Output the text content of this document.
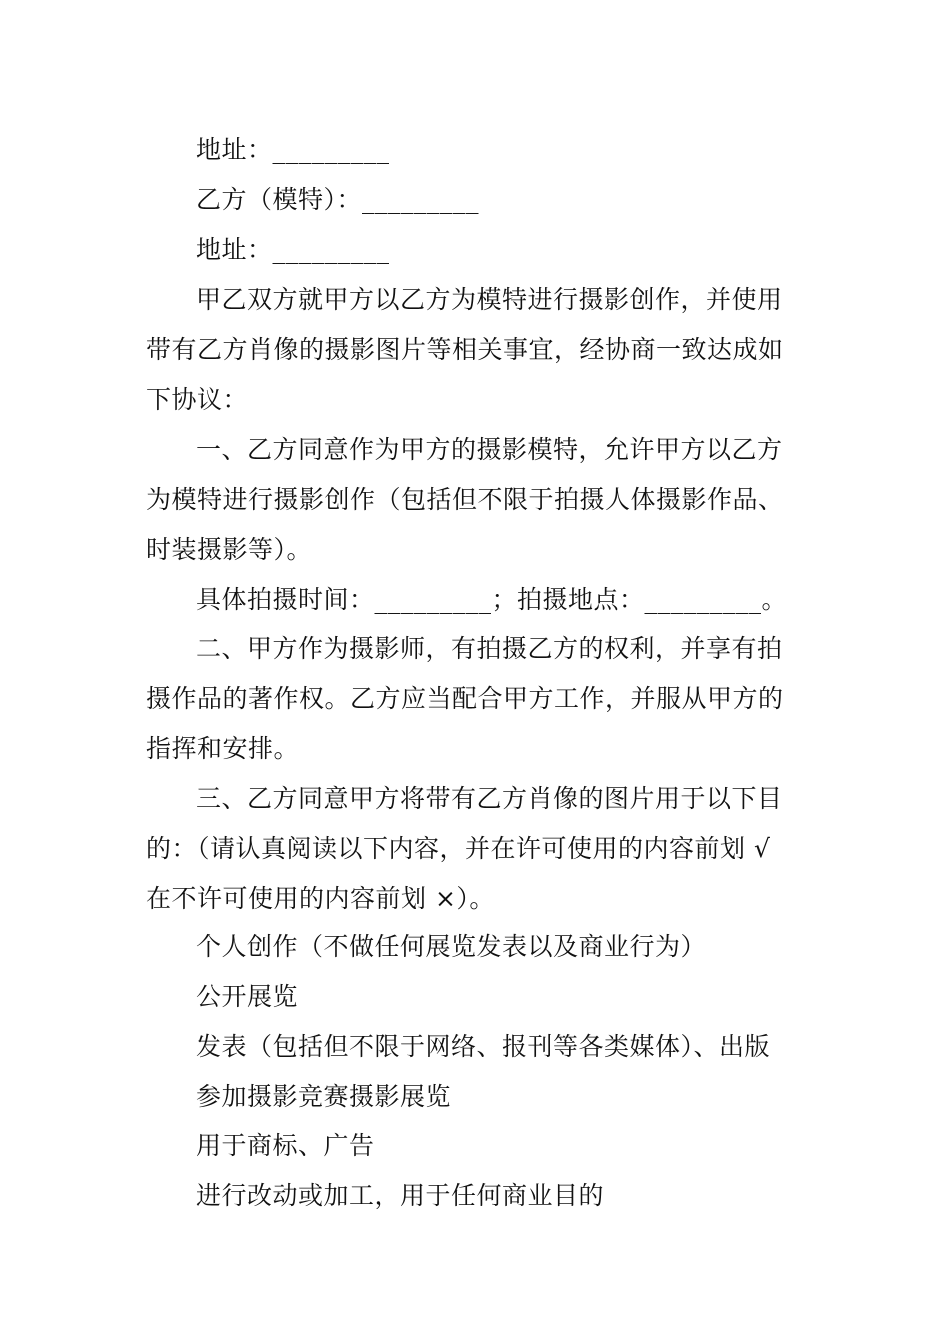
地址：_________
乙方（模特）：_________
地址：_________
甲乙双方就甲方以乙方为模特进行摄影创作，并使用
带有乙方肖像的摄影图片等相关事宜，经协商一致达成如
下协议：
一、乙方同意作为甲方的摄影模特，允许甲方以乙方
为模特进行摄影创作（包括但不限于拍摄人体摄影作品、
时装摄影等）。
具体拍摄时间：_________；拍摄地点：_________。
二、甲方作为摄影师，有拍摄乙方的权利，并享有拍
摄作品的著作权。乙方应当配合甲方工作，并服从甲方的
指挥和安排。
三、乙方同意甲方将带有乙方肖像的图片用于以下目
的：（请认真阅读以下内容，并在许可使用的内容前划 √
在不许可使用的内容前划 ×）。
个人创作（不做任何展览发表以及商业行为）
公开展览
发表（包括但不限于网络、报刊等各类媒体）、出版
参加摄影竞赛摄影展览
用于商标、广告
进行改动或加工，用于任何商业目的
